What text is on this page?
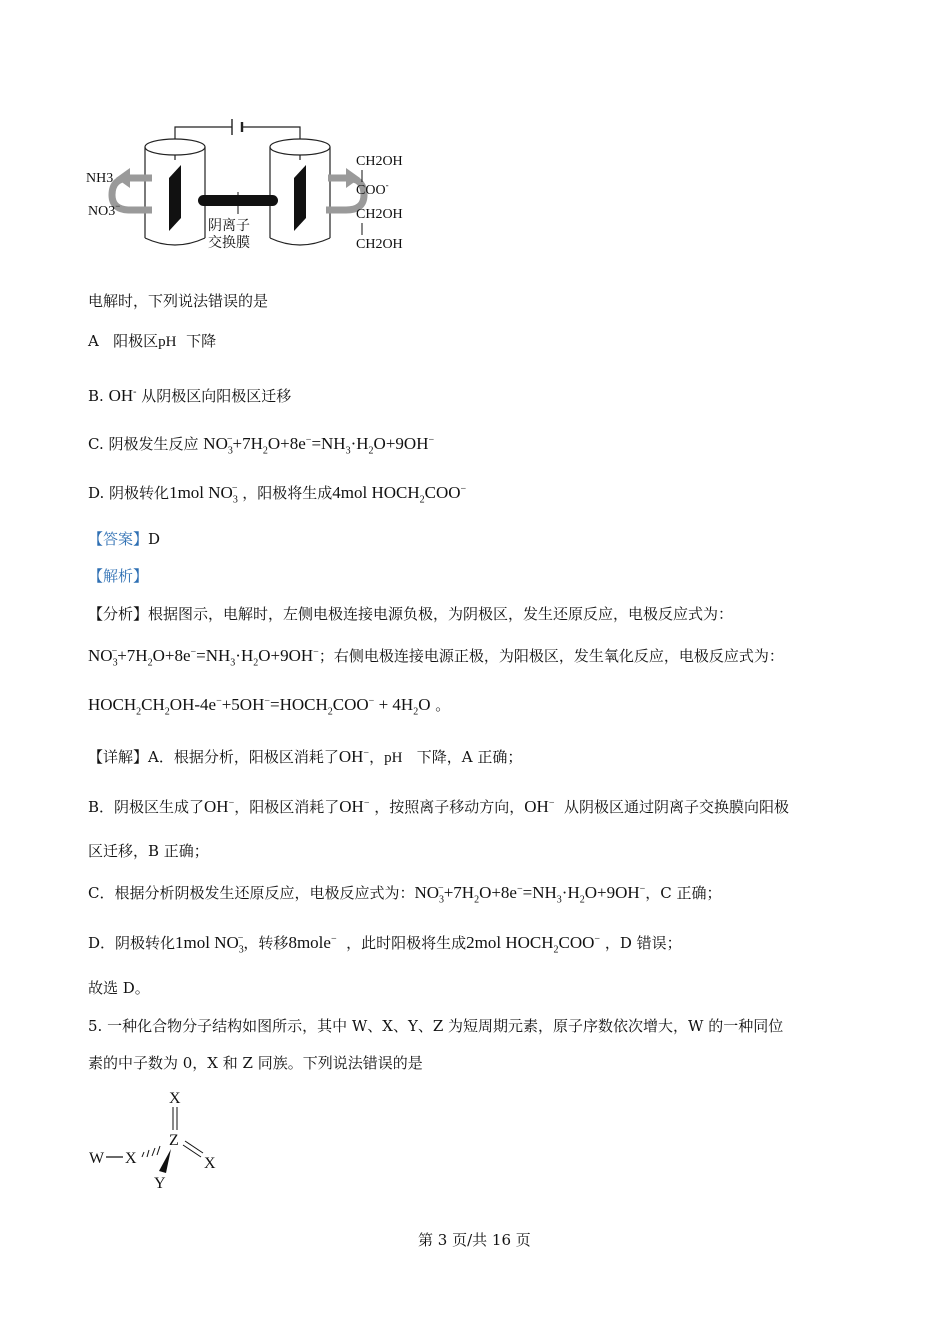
NH3
NO3−
阴离子
交换膜
CH2OH
COO-
CH2OH
CH2OH
电解时，下列说法错误的是
A 阳极区pH 下降
B. OH- 从阴极区向阳极区迁移
C. 阴极发生反应 $NO_3^-+7H_2O+8e^-=NH_3\cdot H_2O+9OH^-$
D. 阴极转化1mol $NO_3^-$ ，阳极将生成4mol $HOCH_2COO^-$
【答案】D
【解析】
【分析】根据图示，电解时，左侧电极连接电源负极，为阴极区，发生还原反应，电极反应式为：
$NO_3^-+7H_2O+8e^-=NH_3\cdot H_2O+9OH^-$；右侧电极连接电源正极，为阳极区，发生氧化反应，电极反应式为：
$HOCH_2CH_2OH-4e^-+5OH^-=HOCH_2COO^- + 4H_2O$ 。
【详解】A．根据分析，阳极区消耗了OH−，pH 下降，A 正确；
B．阴极区生成了OH−，阳极区消耗了OH− ，按照离子移动方向，OH− 从阴极区通过阴离子交换膜向阳极
区迁移，B 正确；
C．根据分析阴极发生还原反应，电极反应式为：$NO_3^-+7H_2O+8e^-=NH_3\cdot H_2O+9OH^-$，C 正确；
D．阴极转化1mol $NO_3^-$，转移8mole− ，此时阳极将生成2mol $HOCH_2COO^-$ ，D 错误；
故选 D。
5. 一种化合物分子结构如图所示，其中 W、X、Y、Z 为短周期元素，原子序数依次增大，W 的一种同位
素的中子数为 0，X 和 Z 同族。下列说法错误的是
X
Z
W X	X
Y
第 3 页/共 16 页
